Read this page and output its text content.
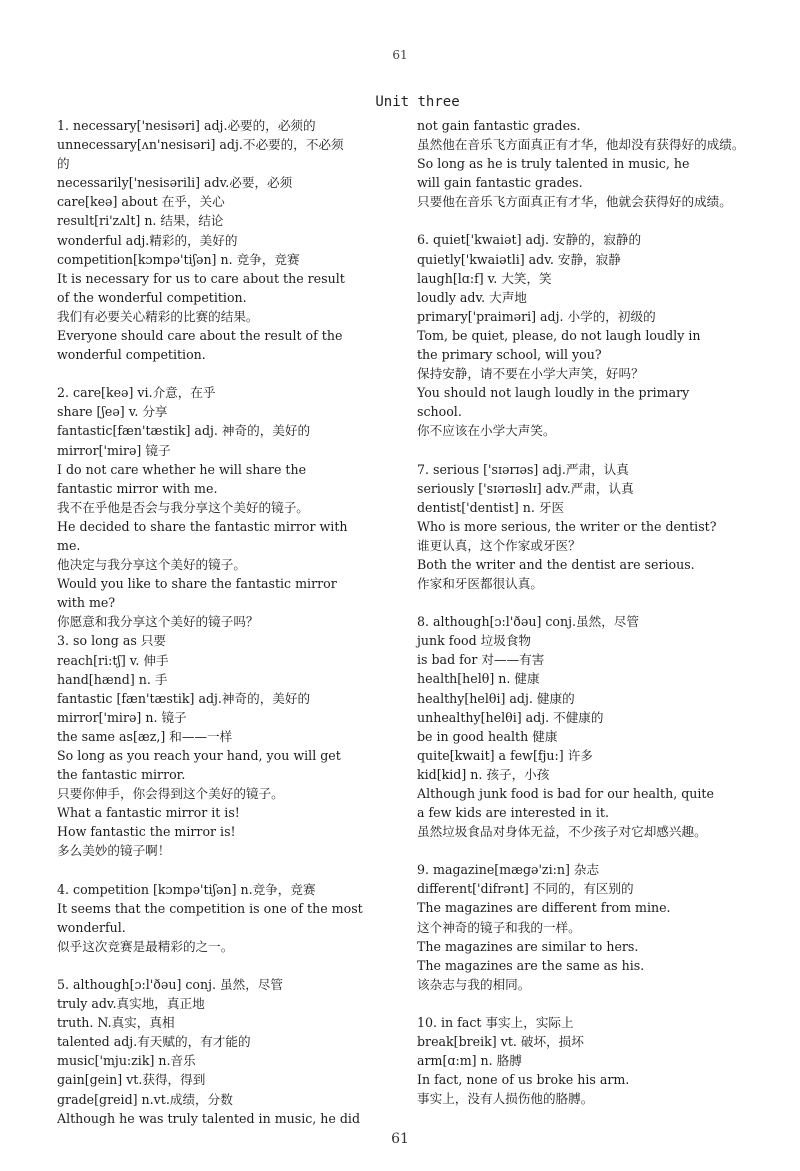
61
Unit three
1. necessary['nesisəri] adj.必要的，必须的
unnecessary[ʌn'nesisəri] adj.不必要的，不必须
的
necessarily['nesisərili] adv.必要，必须
care[keə] about 在乎，关心
result[ri'zʌlt] n. 结果，结论
wonderful adj.精彩的，美好的
competition[kɔmpə'tiʃən] n. 竞争，竞赛
It is necessary for us to care about the result
of the wonderful competition.
我们有必要关心精彩的比赛的结果。
Everyone should care about the result of the
wonderful competition.
2. care[keə] vi.介意，在乎
share [ʃeə] v. 分享
fantastic[fæn'tæstik] adj. 神奇的，美好的
mirror['mirə] 镜子
I do not care whether he will share the
fantastic mirror with me.
我不在乎他是否会与我分享这个美好的镜子。
He decided to share the fantastic mirror with
me.
他决定与我分享这个美好的镜子。
Would you like to share the fantastic mirror
with me?
你愿意和我分享这个美好的镜子吗？
3. so long as 只要
reach[ri:tʃ] v. 伸手
hand[hænd] n. 手
fantastic [fæn'tæstik] adj.神奇的，美好的
mirror['mirə] n. 镜子
the same as[æz,] 和——一样
So long as you reach your hand, you will get
the fantastic mirror.
只要你伸手，你会得到这个美好的镜子。
What a fantastic mirror it is!
How fantastic the mirror is!
多么美妙的镜子啊！
4. competition [kɔmpə'tiʃən] n.竞争，竞赛
It seems that the competition is one of the most
wonderful.
似乎这次竞赛是最精彩的之一。
5. although[ɔ:l'ðəu] conj. 虽然，尽管
truly adv.真实地，真正地
truth. N.真实，真相
talented adj.有天赋的，有才能的
music['mju:zik] n.音乐
gain[gein] vt.获得，得到
grade[greid] n.vt.成绩，分数
Although he was truly talented in music, he did
not gain fantastic grades.
虽然他在音乐飞方面真正有才华，他却没有获得好的成绩。
So long as he is truly talented in music, he
will gain fantastic grades.
只要他在音乐飞方面真正有才华，他就会获得好的成绩。
6. quiet['kwaiət] adj. 安静的，寂静的
quietly['kwaiətli] adv. 安静，寂静
laugh[lɑ:f] v. 大笑，笑
loudly adv. 大声地
primary['praiməri] adj. 小学的，初级的
Tom, be quiet, please, do not laugh loudly in
the primary school, will you?
保持安静，请不要在小学大声笑，好吗？
You should not laugh loudly in the primary
school.
你不应该在小学大声笑。
7. serious ['sɪərɪəs] adj.严肃，认真
seriously ['sɪərɪəslɪ] adv.严肃，认真
dentist['dentist] n. 牙医
Who is more serious, the writer or the dentist?
谁更认真，这个作家或牙医？
Both the writer and the dentist are serious.
作家和牙医都很认真。
8. although[ɔ:l'ðəu] conj.虽然，尽管
junk food 垃圾食物
is bad for 对——有害
health[helθ] n. 健康
healthy[helθi] adj. 健康的
unhealthy[helθi] adj. 不健康的
be in good health 健康
quite[kwait] a few[fju:] 许多
kid[kid] n. 孩子，小孩
Although junk food is bad for our health, quite
a few kids are interested in it.
虽然垃圾食品对身体无益，不少孩子对它却感兴趣。
9. magazine[mægə'zi:n] 杂志
different['difrənt] 不同的，有区别的
The magazines are different from mine.
这个神奇的镜子和我的一样。
The magazines are similar to hers.
The magazines are the same as his.
该杂志与我的相同。
10. in fact 事实上，实际上
break[breik] vt. 破坏，损坏
arm[ɑ:m] n. 胳膊
In fact, none of us broke his arm.
事实上，没有人损伤他的胳膊。
61
